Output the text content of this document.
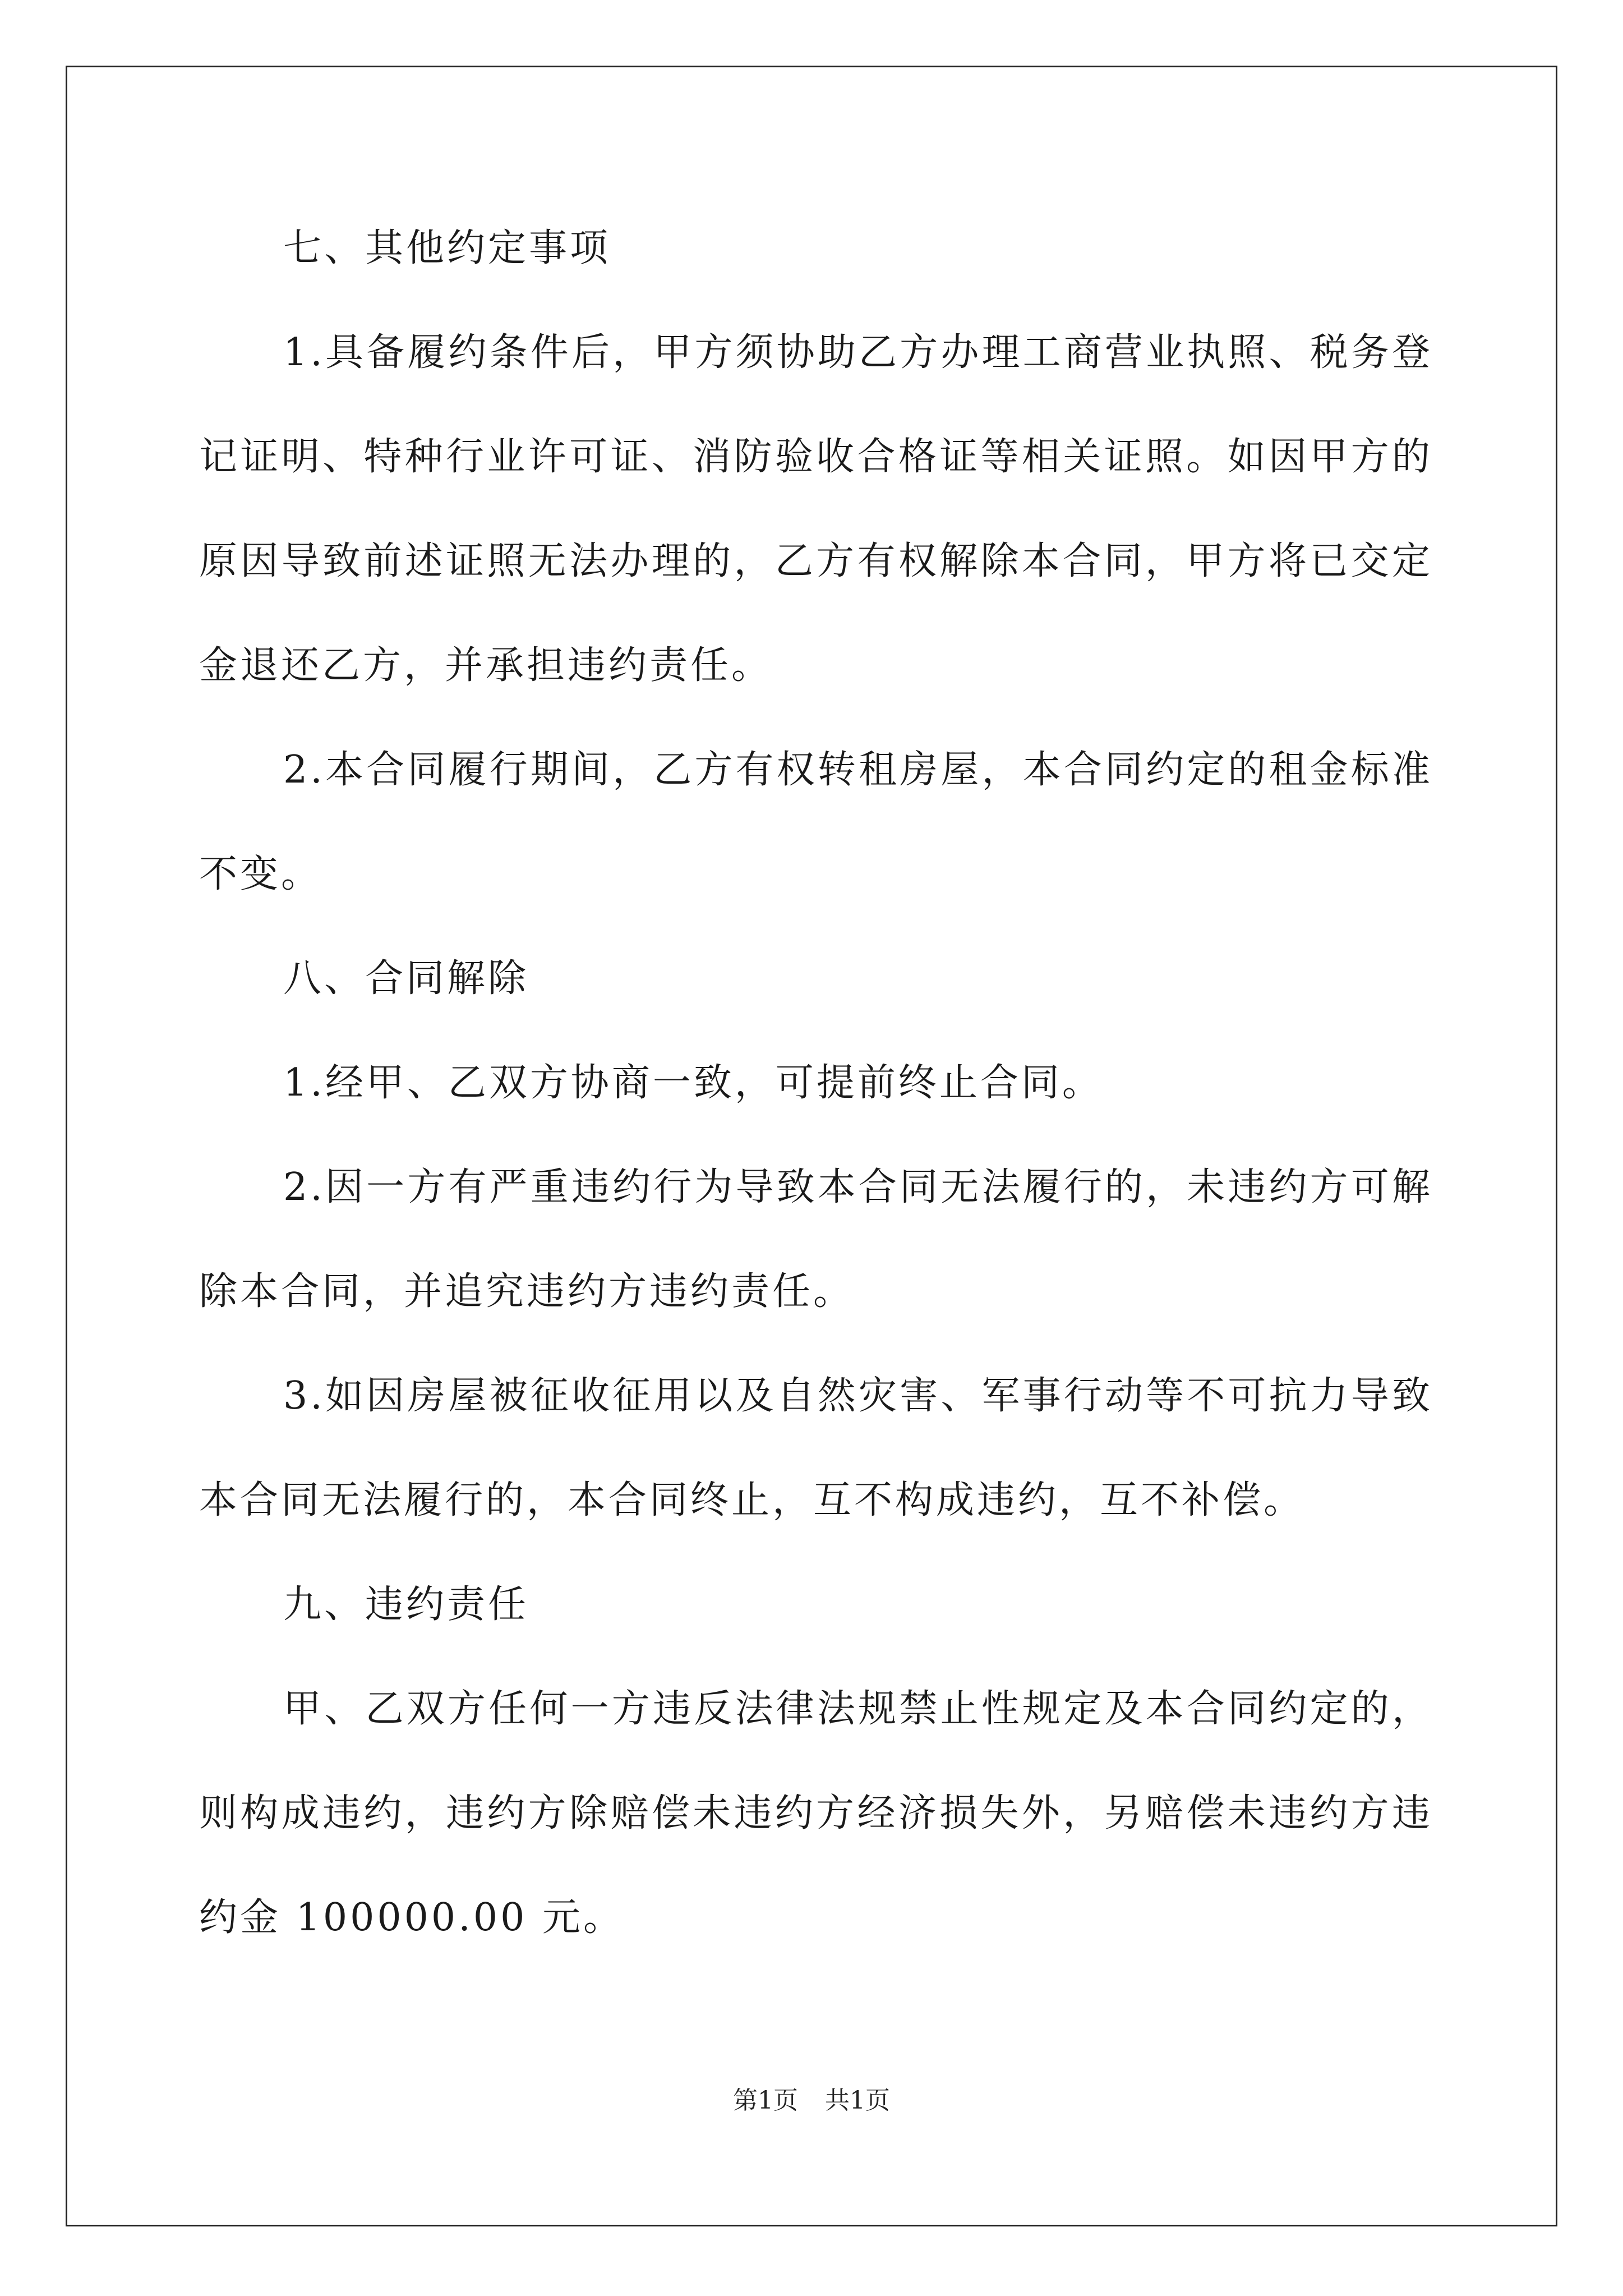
七、其他约定事项

1.具备履约条件后，甲方须协助乙方办理工商营业执照、税务登记证明、特种行业许可证、消防验收合格证等相关证照。如因甲方的原因导致前述证照无法办理的，乙方有权解除本合同，甲方将已交定金退还乙方，并承担违约责任。

2.本合同履行期间，乙方有权转租房屋，本合同约定的租金标准不变。

八、合同解除

1.经甲、乙双方协商一致，可提前终止合同。

2.因一方有严重违约行为导致本合同无法履行的，未违约方可解除本合同，并追究违约方违约责任。

3.如因房屋被征收征用以及自然灾害、军事行动等不可抗力导致本合同无法履行的，本合同终止，互不构成违约，互不补偿。

九、违约责任

甲、乙双方任何一方违反法律法规禁止性规定及本合同约定的，则构成违约，违约方除赔偿未违约方经济损失外，另赔偿未违约方违约金 100000.00 元。

第1页 共1页
